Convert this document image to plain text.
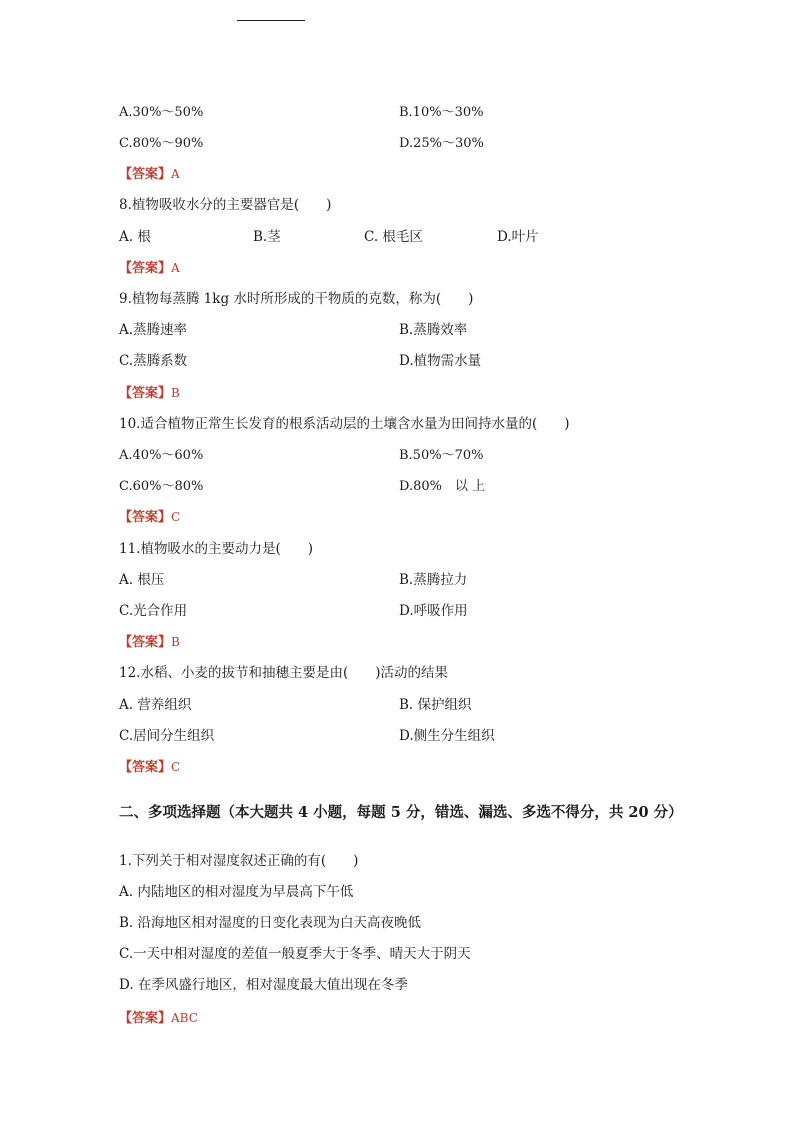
A.30%～50%	B.10%～30%
C.80%～90%	D.25%～30%
【答案】A
8.植物吸收水分的主要器官是(　　)
A. 根	B.茎	C. 根毛区	D.叶片
【答案】A
9.植物每蒸腾 1kg 水时所形成的干物质的克数，称为(　　)
A.蒸腾速率	B.蒸腾效率
C.蒸腾系数	D.植物需水量
【答案】B
10.适合植物正常生长发育的根系活动层的土壤含水量为田间持水量的(　　)
A.40%～60%	B.50%～70%
C.60%～80%	D.80%　以 上
【答案】C
11.植物吸水的主要动力是(　　)
A. 根压	B.蒸腾拉力
C.光合作用	D.呼吸作用
【答案】B
12.水稻、小麦的拔节和抽穗主要是由(　　)活动的结果
A. 营养组织	B. 保护组织
C.居间分生组织	D.侧生分生组织
【答案】C
二、多项选择题（本大题共 4 小题，每题 5 分，错选、漏选、多选不得分，共 20 分）
1.下列关于相对湿度叙述正确的有(　　)
A. 内陆地区的相对湿度为早晨高下午低
B. 沿海地区相对湿度的日变化表现为白天高夜晚低
C.一天中相对湿度的差值一般夏季大于冬季、晴天大于阴天
D. 在季风盛行地区，相对湿度最大值出现在冬季
【答案】ABC
